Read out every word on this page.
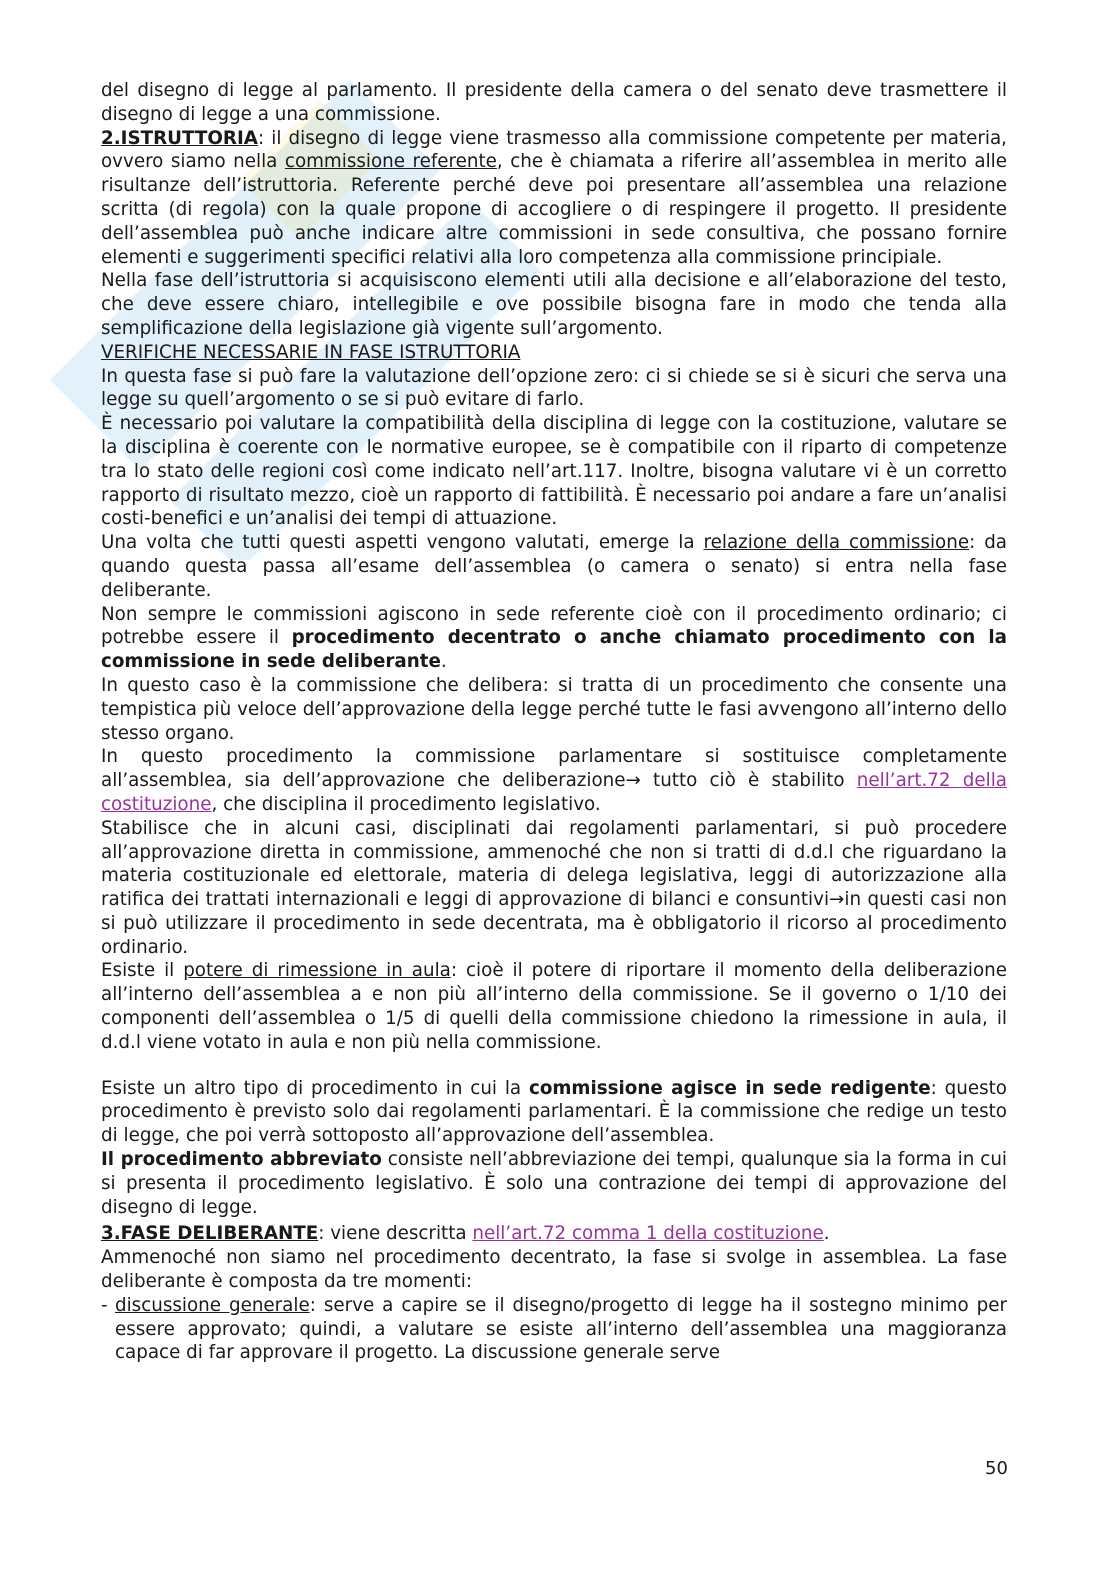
del disegno di legge al parlamento. Il presidente della camera o del senato deve trasmettere il disegno di legge a una commissione.

2.ISTRUTTORIA: il disegno di legge viene trasmesso alla commissione competente per materia, ovvero siamo nella commissione referente, che è chiamata a riferire all’assemblea in merito alle risultanze dell’istruttoria. Referente perché deve poi presentare all’assemblea una relazione scritta (di regola) con la quale propone di accogliere o di respingere il progetto. Il presidente dell’assemblea può anche indicare altre commissioni in sede consultiva, che possano fornire elementi e suggerimenti specifici relativi alla loro competenza alla commissione principiale.

Nella fase dell’istruttoria si acquisiscono elementi utili alla decisione e all’elaborazione del testo, che deve essere chiaro, intellegibile e ove possibile bisogna fare in modo che tenda alla semplificazione della legislazione già vigente sull’argomento.

VERIFICHE NECESSARIE IN FASE ISTRUTTORIA

In questa fase si può fare la valutazione dell’opzione zero: ci si chiede se si è sicuri che serva una legge su quell’argomento o se si può evitare di farlo.

È necessario poi valutare la compatibilità della disciplina di legge con la costituzione, valutare se la disciplina è coerente con le normative europee, se è compatibile con il riparto di competenze tra lo stato delle regioni così come indicato nell’art.117. Inoltre, bisogna valutare vi è un corretto rapporto di risultato mezzo, cioè un rapporto di fattibilità. È necessario poi andare a fare un’analisi costi-benefici e un’analisi dei tempi di attuazione.

Una volta che tutti questi aspetti vengono valutati, emerge la relazione della commissione: da quando questa passa all’esame dell’assemblea (o camera o senato) si entra nella fase deliberante.

Non sempre le commissioni agiscono in sede referente cioè con il procedimento ordinario; ci potrebbe essere il procedimento decentrato o anche chiamato procedimento con la commissione in sede deliberante.

In questo caso è la commissione che delibera: si tratta di un procedimento che consente una tempistica più veloce dell’approvazione della legge perché tutte le fasi avvengono all’interno dello stesso organo.

In questo procedimento la commissione parlamentare si sostituisce completamente all’assemblea, sia dell’approvazione che deliberazione→ tutto ciò è stabilito nell’art.72 della costituzione, che disciplina il procedimento legislativo.

Stabilisce che in alcuni casi, disciplinati dai regolamenti parlamentari, si può procedere all’approvazione diretta in commissione, ammenoché che non si tratti di d.d.l che riguardano la materia costituzionale ed elettorale, materia di delega legislativa, leggi di autorizzazione alla ratifica dei trattati internazionali e leggi di approvazione di bilanci e consuntivi→in questi casi non si può utilizzare il procedimento in sede decentrata, ma è obbligatorio il ricorso al procedimento ordinario.

Esiste il potere di rimessione in aula: cioè il potere di riportare il momento della deliberazione all’interno dell’assemblea a e non più all’interno della commissione. Se il governo o 1/10 dei componenti dell’assemblea o 1/5 di quelli della commissione chiedono la rimessione in aula, il d.d.l viene votato in aula e non più nella commissione.

Esiste un altro tipo di procedimento in cui la commissione agisce in sede redigente: questo procedimento è previsto solo dai regolamenti parlamentari. È la commissione che redige un testo di legge, che poi verrà sottoposto all’approvazione dell’assemblea.

Il procedimento abbreviato consiste nell’abbreviazione dei tempi, qualunque sia la forma in cui si presenta il procedimento legislativo. È solo una contrazione dei tempi di approvazione del disegno di legge.

3.FASE DELIBERANTE: viene descritta nell’art.72 comma 1 della costituzione.

Ammenoché non siamo nel procedimento decentrato, la fase si svolge in assemblea. La fase deliberante è composta da tre momenti:

- discussione generale: serve a capire se il disegno/progetto di legge ha il sostegno minimo per essere approvato; quindi, a valutare se esiste all’interno dell’assemblea una maggioranza capace di far approvare il progetto. La discussione generale serve
50
